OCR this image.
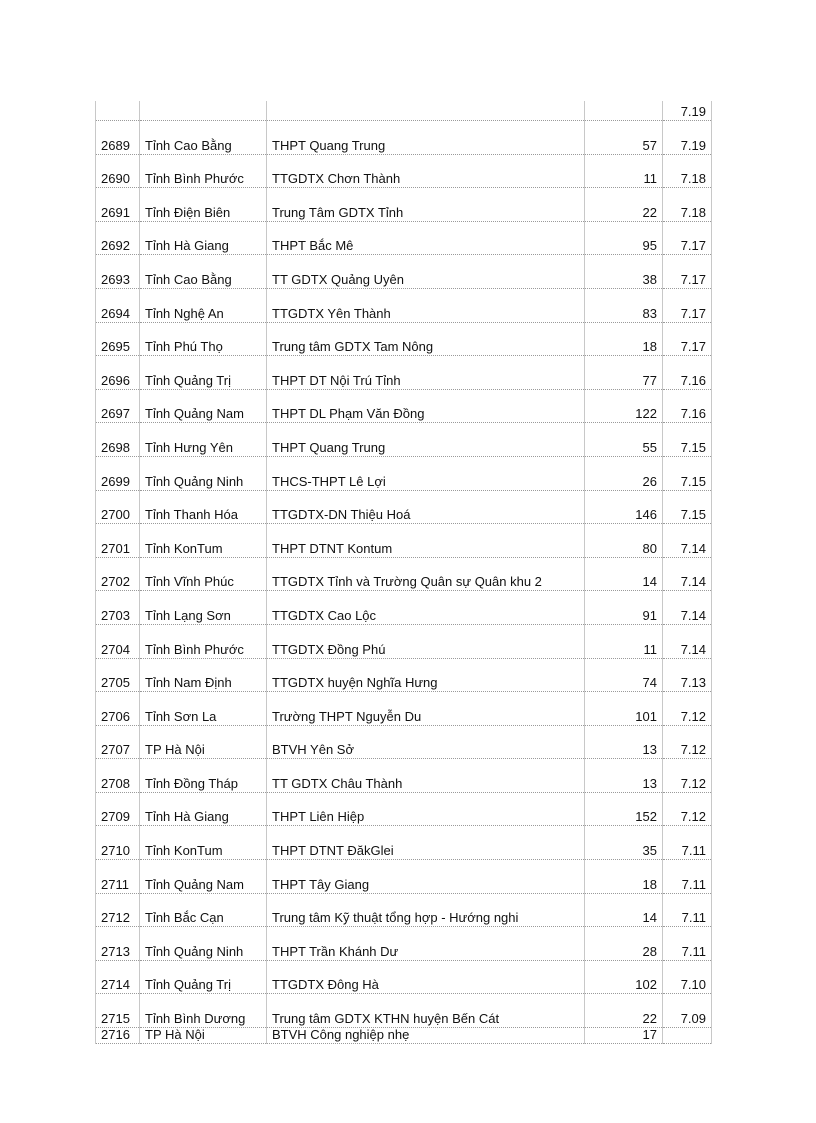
				7.19
2689	Tỉnh Cao Bằng	THPT Quang Trung	57	7.19
2690	Tỉnh Bình Phước	TTGDTX Chơn Thành	11	7.18
2691	Tỉnh Điện Biên	Trung Tâm GDTX Tỉnh	22	7.18
2692	Tỉnh Hà Giang	THPT Bắc Mê	95	7.17
2693	Tỉnh Cao Bằng	TT GDTX Quảng Uyên	38	7.17
2694	Tỉnh Nghệ An	TTGDTX Yên Thành	83	7.17
2695	Tỉnh Phú Thọ	Trung tâm GDTX Tam Nông	18	7.17
2696	Tỉnh Quảng Trị	THPT DT Nội Trú Tỉnh	77	7.16
2697	Tỉnh Quảng Nam	THPT DL Phạm Văn Đồng	122	7.16
2698	Tỉnh Hưng Yên	THPT Quang Trung	55	7.15
2699	Tỉnh Quảng Ninh	THCS-THPT Lê Lợi	26	7.15
2700	Tỉnh Thanh Hóa	TTGDTX-DN Thiệu Hoá	146	7.15
2701	Tỉnh KonTum	THPT DTNT Kontum	80	7.14
2702	Tỉnh Vĩnh Phúc	TTGDTX Tỉnh và Trường Quân sự Quân khu 2	14	7.14
2703	Tỉnh Lạng Sơn	TTGDTX Cao Lộc	91	7.14
2704	Tỉnh Bình Phước	TTGDTX Đồng Phú	11	7.14
2705	Tỉnh Nam Định	TTGDTX huyện Nghĩa Hưng	74	7.13
2706	Tỉnh Sơn La	Trường THPT Nguyễn Du	101	7.12
2707	TP Hà Nội	BTVH Yên Sở	13	7.12
2708	Tỉnh Đồng Tháp	TT GDTX Châu Thành	13	7.12
2709	Tỉnh Hà Giang	THPT Liên Hiệp	152	7.12
2710	Tỉnh KonTum	THPT DTNT ĐăkGlei	35	7.11
2711	Tỉnh Quảng Nam	THPT Tây Giang	18	7.11
2712	Tỉnh Bắc Cạn	Trung tâm Kỹ thuật tổng hợp - Hướng nghi	14	7.11
2713	Tỉnh Quảng Ninh	THPT Trần Khánh Dư	28	7.11
2714	Tỉnh Quảng Trị	TTGDTX Đông Hà	102	7.10
2715	Tỉnh Bình Dương	Trung tâm GDTX KTHN huyện Bến Cát	22	7.09
2716	TP Hà Nội	BTVH Công nghiệp nhẹ	17	
